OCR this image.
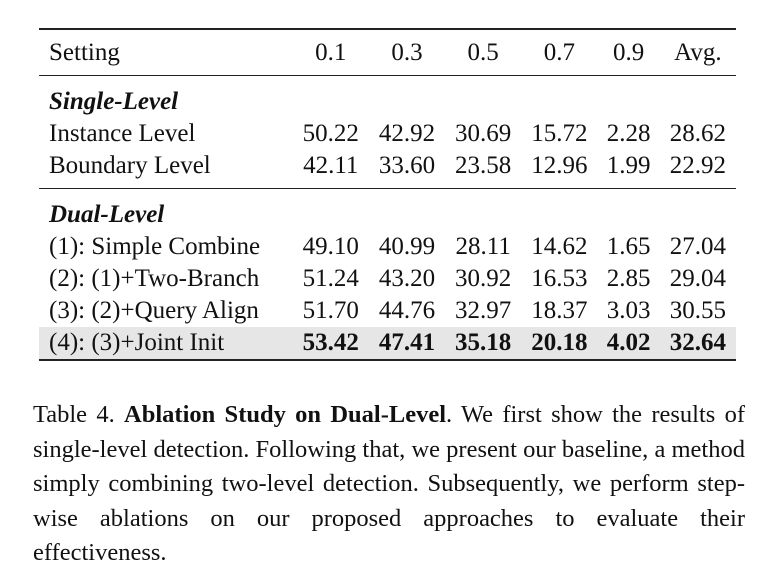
Setting	0.1	0.3	0.5	0.7	0.9	Avg.
Single-Level						
Instance Level	50.22	42.92	30.69	15.72	2.28	28.62
Boundary Level	42.11	33.60	23.58	12.96	1.99	22.92

Dual-Level						
(1): Simple Combine	49.10	40.99	28.11	14.62	1.65	27.04
(2): (1)+Two-Branch	51.24	43.20	30.92	16.53	2.85	29.04
(3): (2)+Query Align	51.70	44.76	32.97	18.37	3.03	30.55
(4): (3)+Joint Init	53.42	47.41	35.18	20.18	4.02	32.64
Table 4. Ablation Study on Dual-Level. We first show the results of single-level detection. Following that, we present our baseline, a method simply combining two-level detection. Subsequently, we perform step-wise ablations on our proposed approaches to evaluate their effectiveness.
